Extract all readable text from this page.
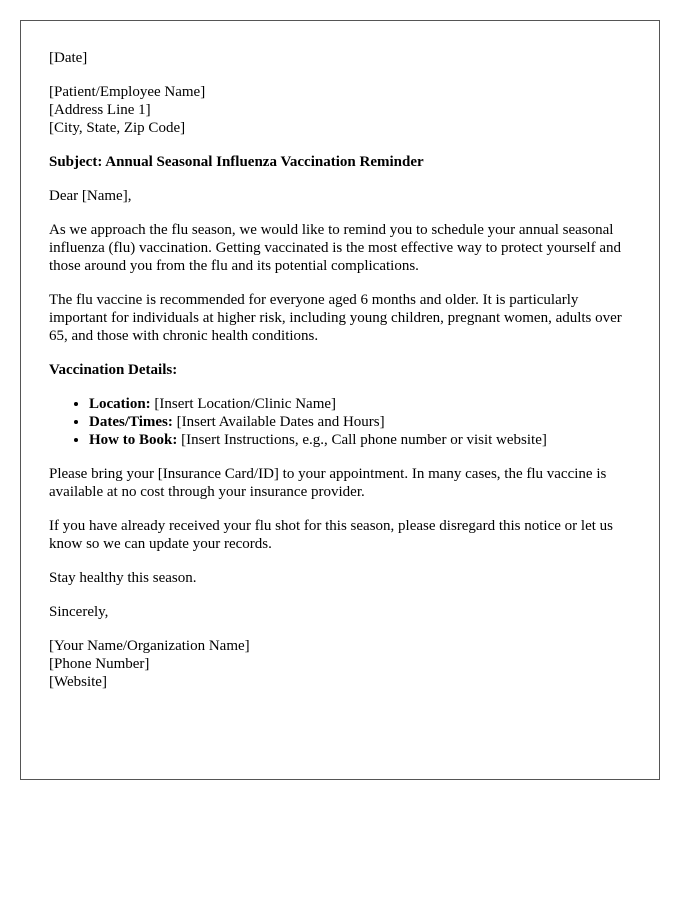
[Date]

[Patient/Employee Name]
[Address Line 1]
[City, State, Zip Code]

Subject: Annual Seasonal Influenza Vaccination Reminder

Dear [Name],

As we approach the flu season, we would like to remind you to schedule your annual seasonal influenza (flu) vaccination. Getting vaccinated is the most effective way to protect yourself and those around you from the flu and its potential complications.

The flu vaccine is recommended for everyone aged 6 months and older. It is particularly important for individuals at higher risk, including young children, pregnant women, adults over 65, and those with chronic health conditions.

Vaccination Details:

• Location: [Insert Location/Clinic Name]
• Dates/Times: [Insert Available Dates and Hours]
• How to Book: [Insert Instructions, e.g., Call phone number or visit website]

Please bring your [Insurance Card/ID] to your appointment. In many cases, the flu vaccine is available at no cost through your insurance provider.

If you have already received your flu shot for this season, please disregard this notice or let us know so we can update your records.

Stay healthy this season.

Sincerely,

[Your Name/Organization Name]
[Phone Number]
[Website]
